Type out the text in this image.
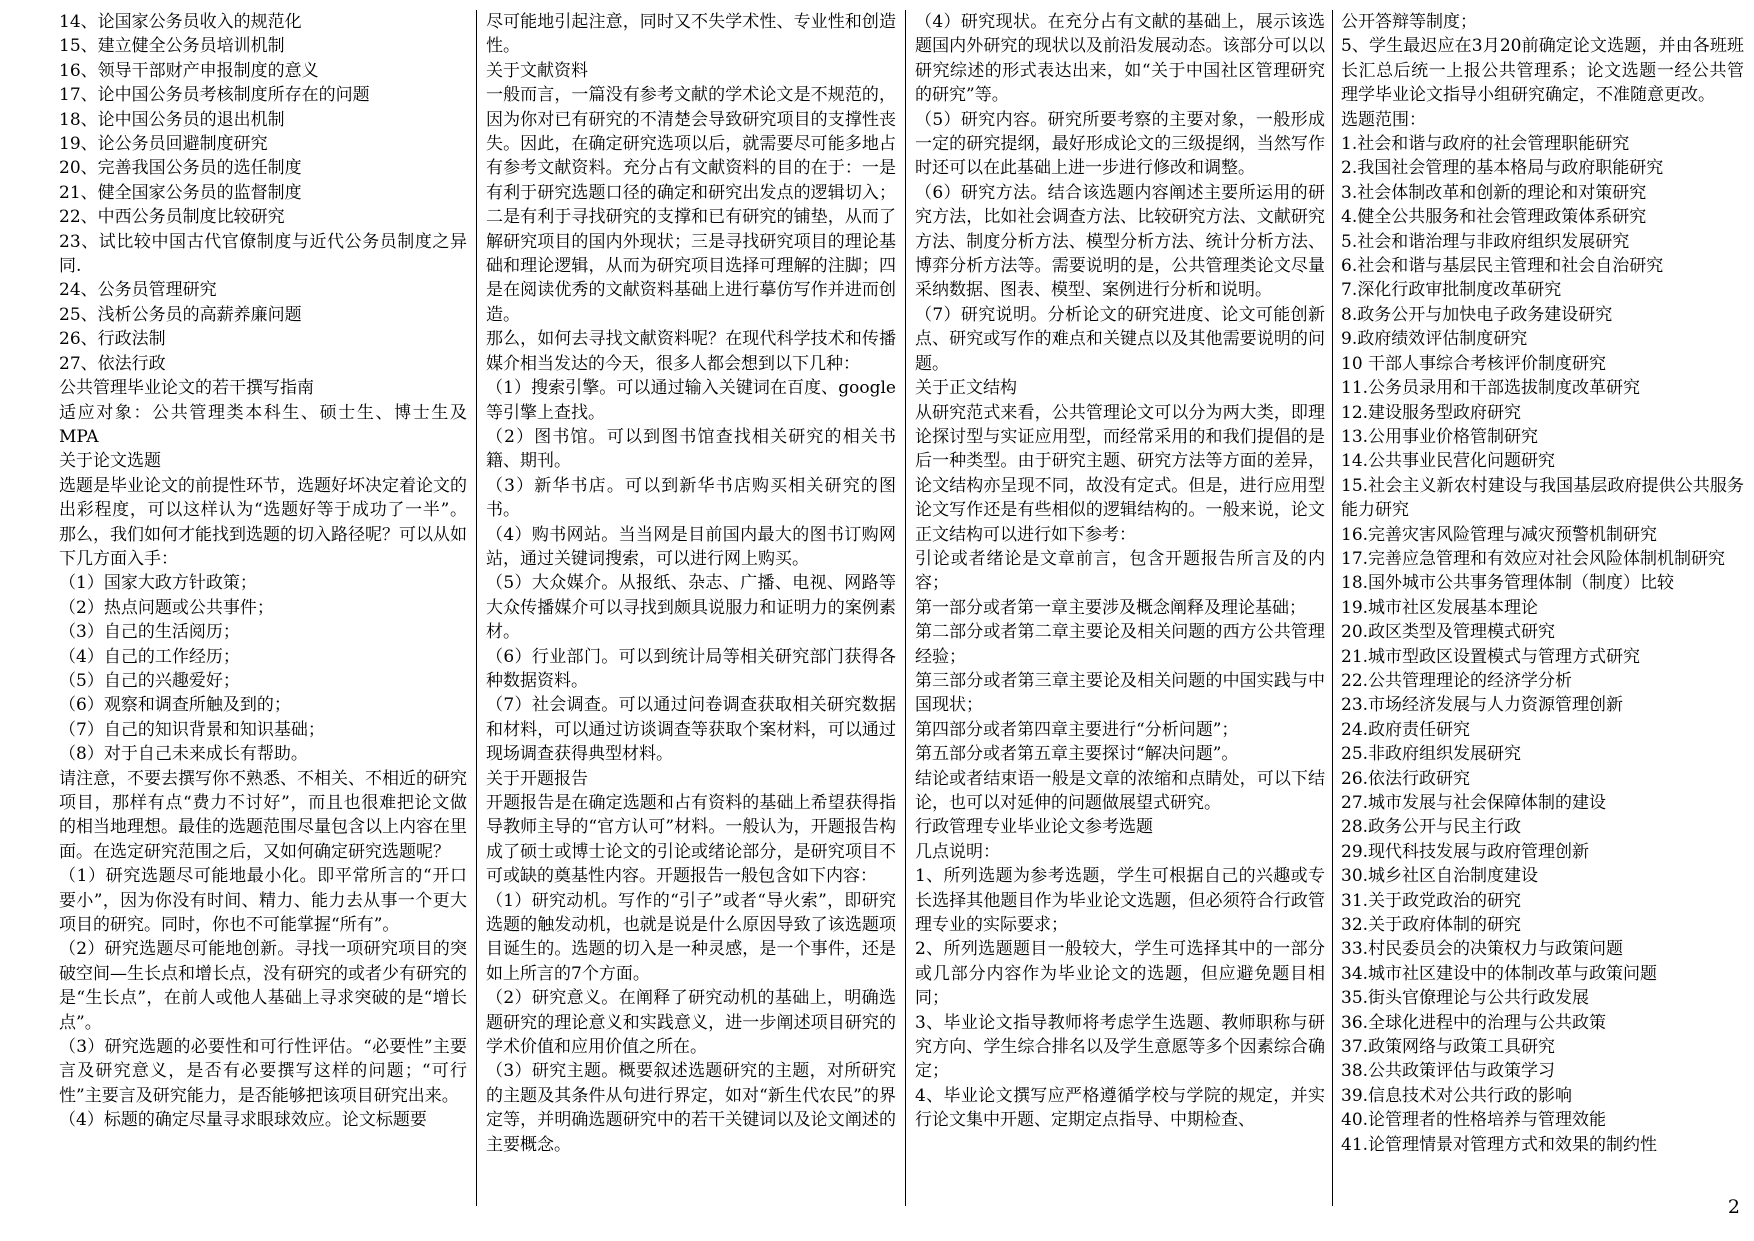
14、论国家公务员收入的规范化

15、建立健全公务员培训机制

16、领导干部财产申报制度的意义

17、论中国公务员考核制度所存在的问题

18、论中国公务员的退出机制

19、论公务员回避制度研究

20、完善我国公务员的选任制度

21、健全国家公务员的监督制度

22、中西公务员制度比较研究

23、试比较中国古代官僚制度与近代公务员制度之异同.

24、公务员管理研究

25、浅析公务员的高薪养廉问题

26、行政法制

27、依法行政

公共管理毕业论文的若干撰写指南

适应对象：公共管理类本科生、硕士生、博士生及MPA

关于论文选题

选题是毕业论文的前提性环节，选题好坏决定着论文的出彩程度，可以这样认为“选题好等于成功了一半”。那么，我们如何才能找到选题的切入路径呢？可以从如下几方面入手：

（1）国家大政方针政策；

（2）热点问题或公共事件；

（3）自己的生活阅历；

（4）自己的工作经历；

（5）自己的兴趣爱好；

（6）观察和调查所触及到的；

（7）自己的知识背景和知识基础；

（8）对于自己未来成长有帮助。

请注意，不要去撰写你不熟悉、不相关、不相近的研究项目，那样有点“费力不讨好”，而且也很难把论文做的相当地理想。最佳的选题范围尽量包含以上内容在里面。在选定研究范围之后，又如何确定研究选题呢？

（1）研究选题尽可能地最小化。即平常所言的“开口要小”，因为你没有时间、精力、能力去从事一个更大项目的研究。同时，你也不可能掌握“所有”。

（2）研究选题尽可能地创新。寻找一项研究项目的突破空间—生长点和增长点，没有研究的或者少有研究的是“生长点”，在前人或他人基础上寻求突破的是“增长点”。

（3）研究选题的必要性和可行性评估。“必要性”主要言及研究意义，是否有必要撰写这样的问题；“可行性”主要言及研究能力，是否能够把该项目研究出来。

（4）标题的确定尽量寻求眼球效应。论文标题要

尽可能地引起注意，同时又不失学术性、专业性和创造性。

关于文献资料

一般而言，一篇没有参考文献的学术论文是不规范的，因为你对已有研究的不清楚会导致研究项目的支撑性丧失。因此，在确定研究选项以后，就需要尽可能多地占有参考文献资料。充分占有文献资料的目的在于：一是有利于研究选题口径的确定和研究出发点的逻辑切入；二是有利于寻找研究的支撑和已有研究的铺垫，从而了解研究项目的国内外现状；三是寻找研究项目的理论基础和理论逻辑，从而为研究项目选择可理解的注脚；四是在阅读优秀的文献资料基础上进行摹仿写作并进而创造。

那么，如何去寻找文献资料呢？在现代科学技术和传播媒介相当发达的今天，很多人都会想到以下几种：

（1）搜索引擎。可以通过输入关键词在百度、google等引擎上查找。

（2）图书馆。可以到图书馆查找相关研究的相关书籍、期刊。

（3）新华书店。可以到新华书店购买相关研究的图书。

（4）购书网站。当当网是目前国内最大的图书订购网站，通过关键词搜索，可以进行网上购买。

（5）大众媒介。从报纸、杂志、广播、电视、网路等大众传播媒介可以寻找到颇具说服力和证明力的案例素材。

（6）行业部门。可以到统计局等相关研究部门获得各种数据资料。

（7）社会调查。可以通过问卷调查获取相关研究数据和材料，可以通过访谈调查等获取个案材料，可以通过现场调查获得典型材料。

关于开题报告

开题报告是在确定选题和占有资料的基础上希望获得指导教师主导的“官方认可”材料。一般认为，开题报告构成了硕士或博士论文的引论或绪论部分，是研究项目不可或缺的奠基性内容。开题报告一般包含如下内容：

（1）研究动机。写作的“引子”或者“导火索”，即研究选题的触发动机，也就是说是什么原因导致了该选题项目诞生的。选题的切入是一种灵感，是一个事件，还是如上所言的7个方面。

（2）研究意义。在阐释了研究动机的基础上，明确选题研究的理论意义和实践意义，进一步阐述项目研究的学术价值和应用价值之所在。

（3）研究主题。概要叙述选题研究的主题，对所研究的主题及其条件从句进行界定，如对“新生代农民”的界定等，并明确选题研究中的若干关键词以及论文阐述的主要概念。

（4）研究现状。在充分占有文献的基础上，展示该选题国内外研究的现状以及前沿发展动态。该部分可以以研究综述的形式表达出来，如“关于中国社区管理研究的研究”等。

（5）研究内容。研究所要考察的主要对象，一般形成一定的研究提纲，最好形成论文的三级提纲，当然写作时还可以在此基础上进一步进行修改和调整。

（6）研究方法。结合该选题内容阐述主要所运用的研究方法，比如社会调查方法、比较研究方法、文献研究方法、制度分析方法、模型分析方法、统计分析方法、博弈分析方法等。需要说明的是，公共管理类论文尽量采纳数据、图表、模型、案例进行分析和说明。

（7）研究说明。分析论文的研究进度、论文可能创新点、研究或写作的难点和关键点以及其他需要说明的问题。

关于正文结构

从研究范式来看，公共管理论文可以分为两大类，即理论探讨型与实证应用型，而经常采用的和我们提倡的是后一种类型。由于研究主题、研究方法等方面的差异，论文结构亦呈现不同，故没有定式。但是，进行应用型论文写作还是有些相似的逻辑结构的。一般来说，论文正文结构可以进行如下参考：

引论或者绪论是文章前言，包含开题报告所言及的内容；

第一部分或者第一章主要涉及概念阐释及理论基础；

第二部分或者第二章主要论及相关问题的西方公共管理经验；

第三部分或者第三章主要论及相关问题的中国实践与中国现状；

第四部分或者第四章主要进行“分析问题”；

第五部分或者第五章主要探讨“解决问题”。

结论或者结束语一般是文章的浓缩和点睛处，可以下结论，也可以对延伸的问题做展望式研究。

行政管理专业毕业论文参考选题

几点说明：

1、所列选题为参考选题，学生可根据自己的兴趣或专长选择其他题目作为毕业论文选题，但必须符合行政管理专业的实际要求；

2、所列选题题目一般较大，学生可选择其中的一部分或几部分内容作为毕业论文的选题，但应避免题目相同；

3、毕业论文指导教师将考虑学生选题、教师职称与研究方向、学生综合排名以及学生意愿等多个因素综合确定；

4、毕业论文撰写应严格遵循学校与学院的规定，并实行论文集中开题、定期定点指导、中期检查、

公开答辩等制度；

5、学生最迟应在3月20前确定论文选题，并由各班班长汇总后统一上报公共管理系；论文选题一经公共管理学毕业论文指导小组研究确定，不准随意更改。

选题范围：

1.社会和谐与政府的社会管理职能研究

2.我国社会管理的基本格局与政府职能研究

3.社会体制改革和创新的理论和对策研究

4.健全公共服务和社会管理政策体系研究

5.社会和谐治理与非政府组织发展研究

6.社会和谐与基层民主管理和社会自治研究

7.深化行政审批制度改革研究

8.政务公开与加快电子政务建设研究

9.政府绩效评估制度研究

10 干部人事综合考核评价制度研究

11.公务员录用和干部选拔制度改革研究

12.建设服务型政府研究

13.公用事业价格管制研究

14.公共事业民营化问题研究

15.社会主义新农村建设与我国基层政府提供公共服务能力研究

16.完善灾害风险管理与减灾预警机制研究

17.完善应急管理和有效应对社会风险体制机制研究

18.国外城市公共事务管理体制（制度）比较

19.城市社区发展基本理论

20.政区类型及管理模式研究

21.城市型政区设置模式与管理方式研究

22.公共管理理论的经济学分析

23.市场经济发展与人力资源管理创新

24.政府责任研究

25.非政府组织发展研究

26.依法行政研究

27.城市发展与社会保障体制的建设

28.政务公开与民主行政

29.现代科技发展与政府管理创新

30.城乡社区自治制度建设

31.关于政党政治的研究

32.关于政府体制的研究

33.村民委员会的决策权力与政策问题

34.城市社区建设中的体制改革与政策问题

35.街头官僚理论与公共行政发展

36.全球化进程中的治理与公共政策

37.政策网络与政策工具研究

38.公共政策评估与政策学习

39.信息技术对公共行政的影响

40.论管理者的性格培养与管理效能

41.论管理情景对管理方式和效果的制约性

2
